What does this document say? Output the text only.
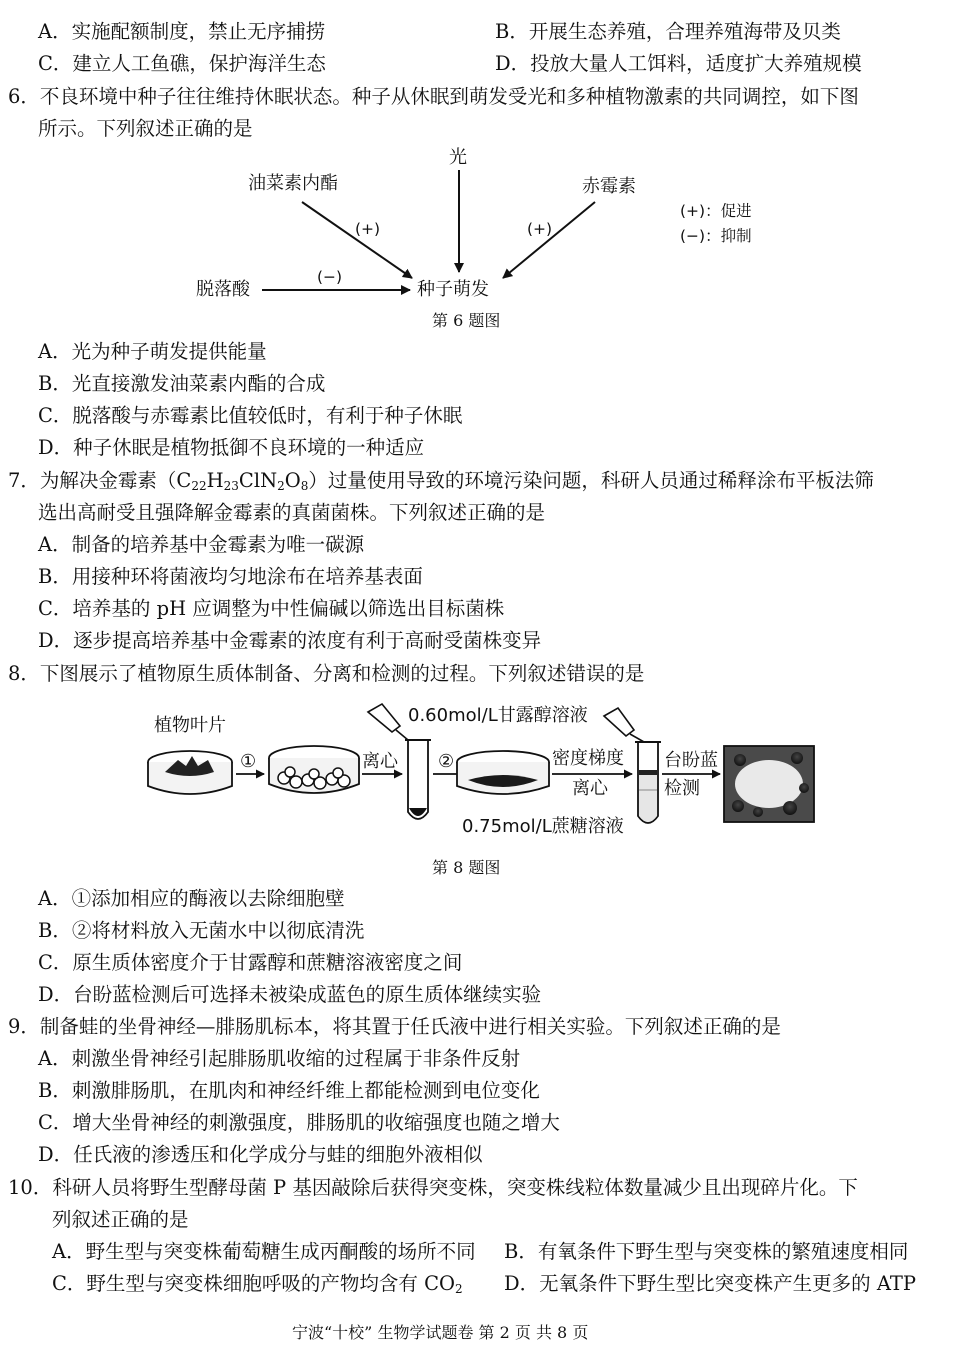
A．实施配额制度，禁止无序捕捞	B．开展生态养殖，合理养殖海带及贝类
C．建立人工鱼礁，保护海洋生态	D．投放大量人工饵料，适度扩大养殖规模
6．不良环境中种子往往维持休眠状态。种子从休眠到萌发受光和多种植物激素的共同调控，如下图
所示。下列叙述正确的是
油菜素内酯
光
赤霉素
脱落酸	种子萌发
(+)	(+)
(−)
(+)：促进
(−)：抑制
第 6 题图
A．光为种子萌发提供能量
B．光直接激发油菜素内酯的合成
C．脱落酸与赤霉素比值较低时，有利于种子休眠
D．种子休眠是植物抵御不良环境的一种适应
7．为解决金霉素$(C_{22}H_{23}ClN_2O_8)$过量使用导致的环境污染问题，科研人员通过稀释涂布平板法筛
选出高耐受且强降解金霉素的真菌菌株。下列叙述正确的是
A．制备的培养基中金霉素为唯一碳源
B．用接种环将菌液均匀地涂布在培养基表面
C．培养基的 pH 应调整为中性偏碱以筛选出目标菌株
D．逐步提高培养基中金霉素的浓度有利于高耐受菌株变异
8．下图展示了植物原生质体制备、分离和检测的过程。下列叙述错误的是
植物叶片
①	离心 ②
0.60mol/L甘露醇溶液
密度梯度
离心
台盼蓝
检测
0.75mol/L蔗糖溶液
第 8 题图
A．①添加相应的酶液以去除细胞壁
B．②将材料放入无菌水中以彻底清洗
C．原生质体密度介于甘露醇和蔗糖溶液密度之间
D．台盼蓝检测后可选择未被染成蓝色的原生质体继续实验
9．制备蛙的坐骨神经—腓肠肌标本，将其置于任氏液中进行相关实验。下列叙述正确的是
A．刺激坐骨神经引起腓肠肌收缩的过程属于非条件反射
B．刺激腓肠肌，在肌肉和神经纤维上都能检测到电位变化
C．增大坐骨神经的刺激强度，腓肠肌的收缩强度也随之增大
D．任氏液的渗透压和化学成分与蛙的细胞外液相似
10．科研人员将野生型酵母菌 P 基因敲除后获得突变株，突变株线粒体数量减少且出现碎片化。下
列叙述正确的是
A．野生型与突变株葡萄糖生成丙酮酸的场所不同 B．有氧条件下野生型与突变株的繁殖速度相同
C．野生型与突变株细胞呼吸的产物均含有 $CO_2$ D．无氧条件下野生型比突变株产生更多的 ATP
宁波“十校” 生物学试题卷 第 2 页 共 8 页
